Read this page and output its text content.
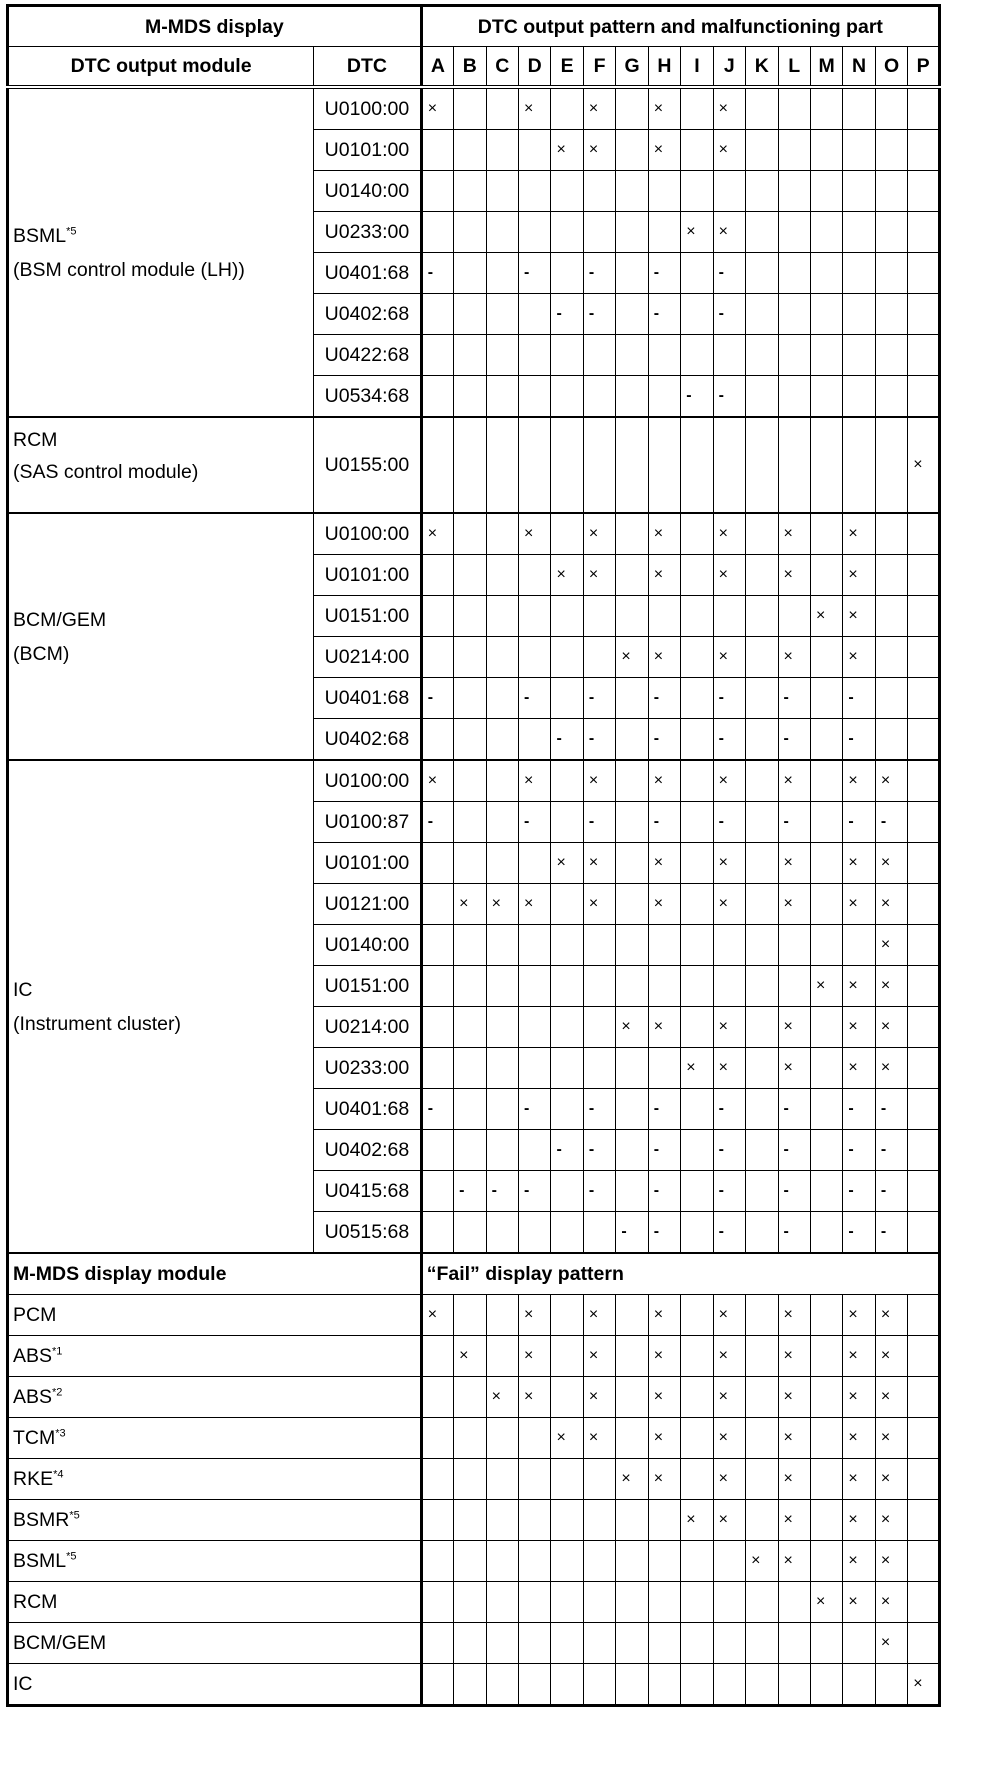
M-MDS display		DTC output pattern and malfunctioning part															
DTC output module	DTC	A	B	C	D	E	F	G	H	I	J	K	L	M	N	O	P
BSML$^{*5}$
(BSM control module (LH))	U0100:00	×			×		×		×		×						
	U0101:00					×	×		×		×						
	U0140:00																
	U0233:00									×	×						
	U0401:68	-			-		-		-		-						
	U0402:68					-	-		-		-						
	U0422:68																
	U0534:68									-	-						
RCM
(SAS control module)	U0155:00																×
BCM/GEM
(BCM)	U0100:00	×			×		×		×		×		×		×		
	U0101:00					×	×		×		×		×		×		
	U0151:00													×	×		
	U0214:00							×	×		×		×		×		
	U0401:68	-			-		-		-		-		-		-		
	U0402:68					-	-		-		-		-		-		
IC
(Instrument cluster)	U0100:00	×			×		×		×		×		×		×	×	
	U0100:87	-			-		-		-		-		-		-	-	
	U0101:00					×	×		×		×		×		×	×	
	U0121:00		×	×	×		×		×		×		×		×	×	
	U0140:00															×	
	U0151:00													×	×	×	
	U0214:00							×	×		×		×		×	×	
	U0233:00									×	×		×		×	×	
	U0401:68	-			-		-		-		-		-		-	-	
	U0402:68					-	-		-		-		-		-	-	
	U0415:68		-	-	-		-		-		-		-		-	-	
	U0515:68							-	-		-		-		-	-	
M-MDS display module		“Fail” display pattern															
PCM		×			×		×		×		×		×		×	×	
ABS$^{*1}$			×		×		×		×		×		×		×	×	
ABS$^{*2}$				×	×		×		×		×		×		×	×	
TCM$^{*3}$						×	×		×		×		×		×	×	
RKE$^{*4}$								×	×		×		×		×	×	
BSMR$^{*5}$										×	×		×		×	×	
BSML$^{*5}$												×	×		×	×	
RCM														×	×	×	
BCM/GEM																×	
IC																	×
